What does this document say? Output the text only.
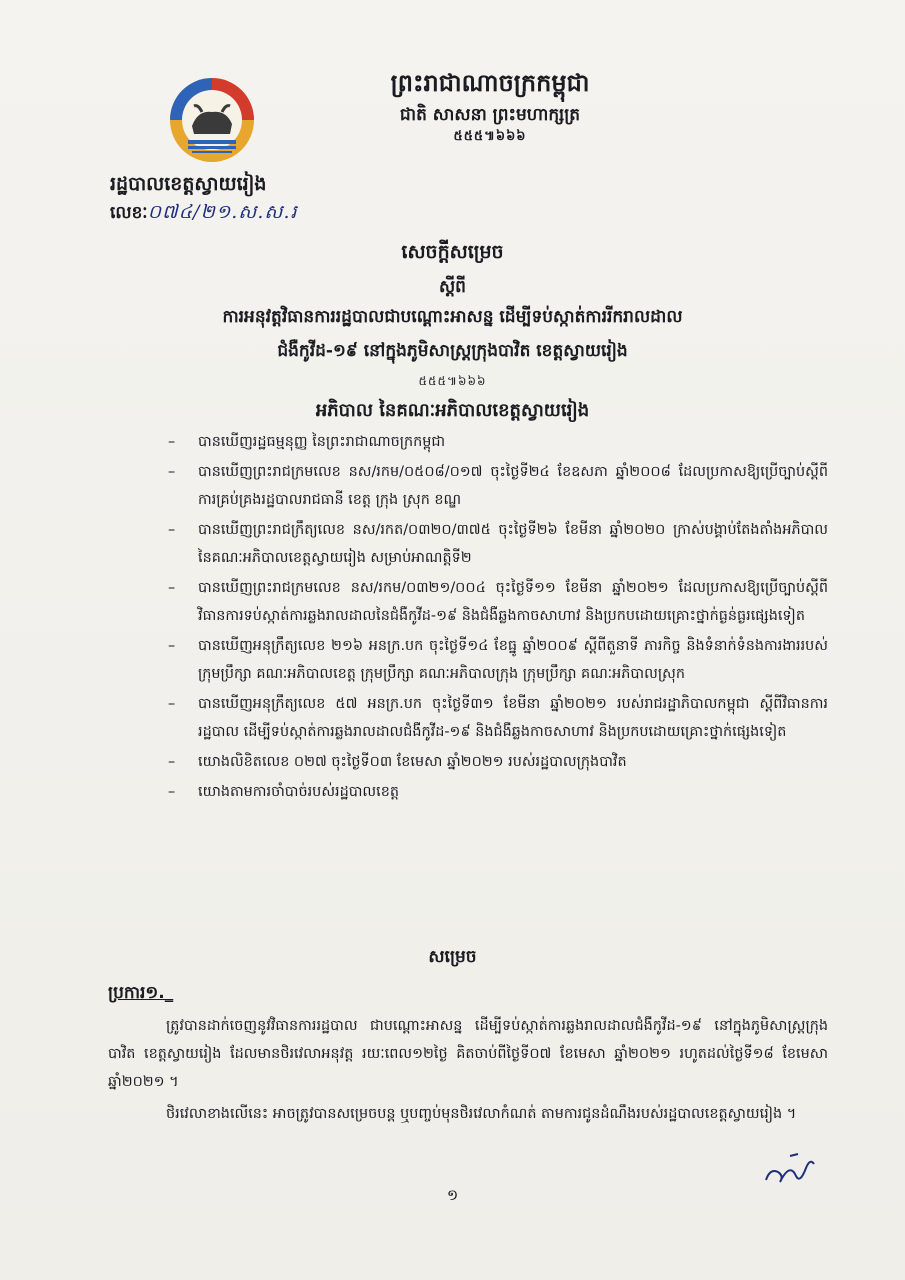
ព្រះរាជាណាចក្រកម្ពុជា
ជាតិ សាសនា ព្រះមហាក្សត្រ
៥៥៥៕៦៦៦
រដ្ឋបាលខេត្តស្វាយរៀង
លេខៈ០៧៤/២១.ស.ស.រ
សេចក្តីសម្រេច
ស្តីពី
ការអនុវត្តវិធានការរដ្ឋបាលជាបណ្តោះអាសន្ន ដើម្បីទប់ស្កាត់ការរីករាលដាល
ជំងឺកូវីដ-១៩ នៅក្នុងភូមិសាស្ត្រក្រុងបាវិត ខេត្តស្វាយរៀង
៥៥៥៕៦៦៦
អភិបាល នៃគណៈអភិបាលខេត្តស្វាយរៀង
– បានឃើញរដ្ឋធម្មនុញ្ញ នៃព្រះរាជាណាចក្រកម្ពុជា
– បានឃើញព្រះរាជក្រមលេខ នស/រកម/០៥០៨/០១៧ ចុះថ្ងៃទី២៤ ខែឧសភា ឆ្នាំ២០០៨ ដែលប្រកាសឱ្យប្រើច្បាប់ស្តីពីការគ្រប់គ្រងរដ្ឋបាលរាជធានី ខេត្ត ក្រុង ស្រុក ខណ្ឌ
– បានឃើញព្រះរាជក្រឹត្យលេខ នស/រកត/០៣២០/៣៧៥ ចុះថ្ងៃទី២៦ ខែមីនា ឆ្នាំ២០២០ ក្រាស់បង្គាប់តែងតាំងអភិបាល នៃគណៈអភិបាលខេត្តស្វាយរៀង សម្រាប់អាណត្តិទី២
– បានឃើញព្រះរាជក្រមលេខ នស/រកម/០៣២១/០០៤ ចុះថ្ងៃទី១១ ខែមីនា ឆ្នាំ២០២១ ដែលប្រកាសឱ្យប្រើច្បាប់ស្តីពីវិធានការទប់ស្កាត់ការឆ្លងរាលដាលនៃជំងឺកូវីដ-១៩ និងជំងឺឆ្លងកាចសាហាវ និងប្រកបដោយគ្រោះថ្នាក់ធ្ងន់ធ្ងរផ្សេងទៀត
– បានឃើញអនុក្រឹត្យលេខ ២១៦ អនក្រ.បក ចុះថ្ងៃទី១៤ ខែធ្នូ ឆ្នាំ២០០៩ ស្តីពីតួនាទី ភារកិច្ច និងទំនាក់ទំនងការងាររបស់ក្រុមប្រឹក្សា គណៈអភិបាលខេត្ត ក្រុមប្រឹក្សា គណៈអភិបាលក្រុង ក្រុមប្រឹក្សា គណៈអភិបាលស្រុក
– បានឃើញអនុក្រឹត្យលេខ ៥៧ អនក្រ.បក ចុះថ្ងៃទី៣១ ខែមីនា ឆ្នាំ២០២១ របស់រាជរដ្ឋាភិបាលកម្ពុជា ស្តីពីវិធានការរដ្ឋបាល ដើម្បីទប់ស្កាត់ការឆ្លងរាលដាលជំងឺកូវីដ-១៩ និងជំងឺឆ្លងកាចសាហាវ និងប្រកបដោយគ្រោះថ្នាក់ផ្សេងទៀត
– យោងលិខិតលេខ ០២៧ ចុះថ្ងៃទី០៣ ខែមេសា ឆ្នាំ២០២១ របស់រដ្ឋបាលក្រុងបាវិត
– យោងតាមការចាំបាច់របស់រដ្ឋបាលខេត្ត
សម្រេច
ប្រការ១._
ត្រូវបានដាក់ចេញនូវវិធានការរដ្ឋបាល ជាបណ្តោះអាសន្ន ដើម្បីទប់ស្កាត់ការឆ្លងរាលដាលជំងឺកូវីដ-១៩ នៅក្នុងភូមិសាស្ត្រក្រុងបាវិត ខេត្តស្វាយរៀង ដែលមានថិរវេលាអនុវត្ត រយៈពេល១២ថ្ងៃ គិតចាប់ពីថ្ងៃទី០៧ ខែមេសា ឆ្នាំ២០២១ រហូតដល់ថ្ងៃទី១៨ ខែមេសា ឆ្នាំ២០២១ ។
ថិរវេលាខាងលើនេះ អាចត្រូវបានសម្រេចបន្ត ឬបញ្ចប់មុនថិរវេលាកំណត់ តាមការជូនដំណឹងរបស់រដ្ឋបាលខេត្តស្វាយរៀង ។
១
